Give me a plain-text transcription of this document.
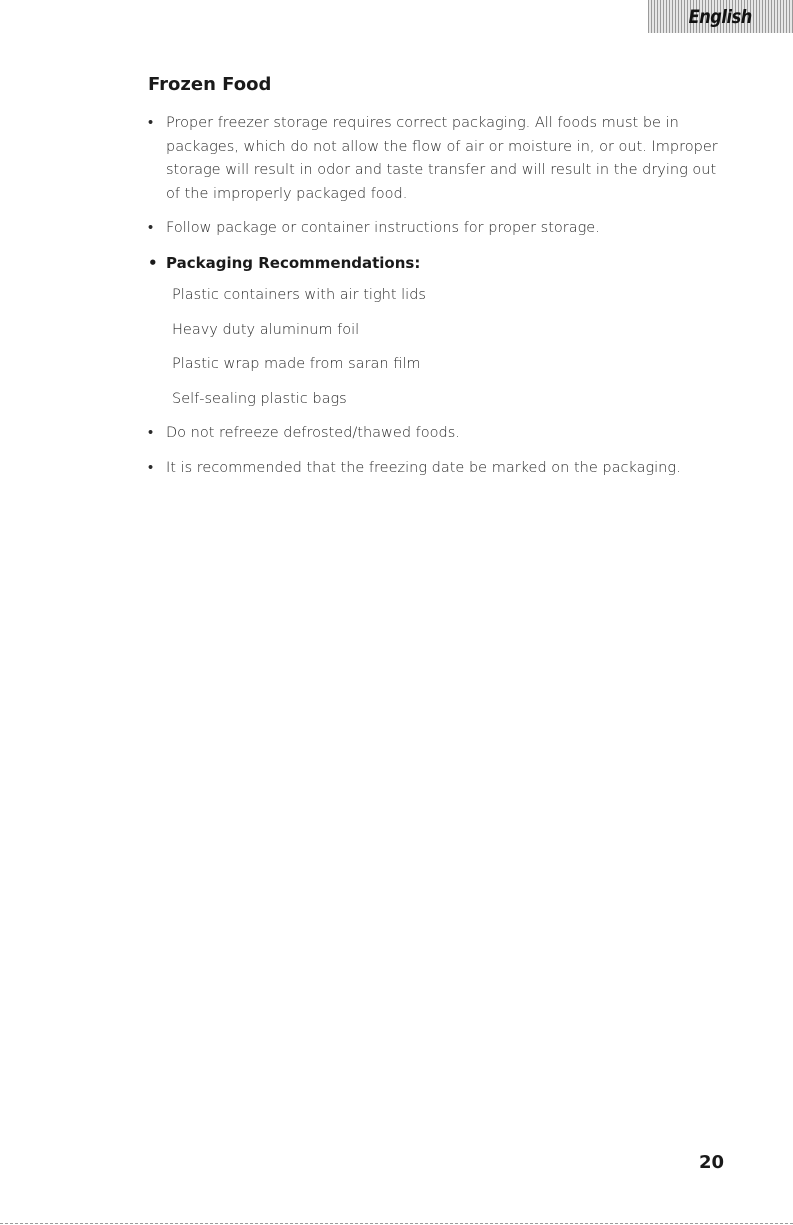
English
Frozen Food

• Proper freezer storage requires correct packaging. All foods must be in packages, which do not allow the flow of air or moisture in, or out. Improper storage will result in odor and taste transfer and will result in the drying out of the improperly packaged food.

• Follow package or container instructions for proper storage.

• Packaging Recommendations:

Plastic containers with air tight lids
Heavy duty aluminum foil
Plastic wrap made from saran film
Self-sealing plastic bags

• Do not refreeze defrosted/thawed foods.

• It is recommended that the freezing date be marked on the packaging.

20
